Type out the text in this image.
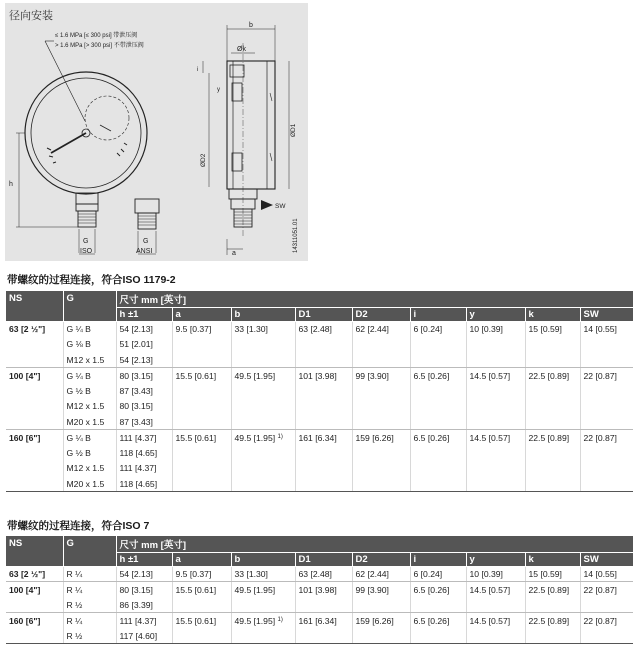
径向安装
≤ 1.6 MPa [≤ 300 psi] 带泄压阀
> 1.6 MPa [> 300 psi] 不带泄压阀
h
G
ISO
G
ANSI
b
Øk
i
y
ØD1
ØD2
a
SW
14311051.01
带螺纹的过程连接，符合ISO 1179-2
NS	G	尺寸 mm [英寸]								
		h ±1	a	b	D1	D2	i	y	k	SW
63 [2 ½"]	G ¼ B	54 [2.13]	9.5 [0.37]	33 [1.30]	63 [2.48]	62 [2.44]	6 [0.24]	10 [0.39]	15 [0.59]	14 [0.55]
	G ⅛ B	51 [2.01]								
	M12 x 1.5	54 [2.13]								
100 [4"]	G ¼ B	80 [3.15]	15.5 [0.61]	49.5 [1.95]	101 [3.98]	99 [3.90]	6.5 [0.26]	14.5 [0.57]	22.5 [0.89]	22 [0.87]
	G ½ B	87 [3.43]								
	M12 x 1.5	80 [3.15]								
	M20 x 1.5	87 [3.43]								
160 [6"]	G ¼ B	111 [4.37]	15.5 [0.61]	49.5 [1.95] $^{1)}$	161 [6.34]	159 [6.26]	6.5 [0.26]	14.5 [0.57]	22.5 [0.89]	22 [0.87]
	G ½ B	118 [4.65]								
	M12 x 1.5	111 [4.37]								
	M20 x 1.5	118 [4.65]								
带螺纹的过程连接，符合ISO 7
NS	G	尺寸 mm [英寸]								
		h ±1	a	b	D1	D2	i	y	k	SW
63 [2 ½"]	R ¼	54 [2.13]	9.5 [0.37]	33 [1.30]	63 [2.48]	62 [2.44]	6 [0.24]	10 [0.39]	15 [0.59]	14 [0.55]
100 [4"]	R ¼	80 [3.15]	15.5 [0.61]	49.5 [1.95]	101 [3.98]	99 [3.90]	6.5 [0.26]	14.5 [0.57]	22.5 [0.89]	22 [0.87]
	R ½	86 [3.39]								
160 [6"]	R ¼	111 [4.37]	15.5 [0.61]	49.5 [1.95] $^{1)}$	161 [6.34]	159 [6.26]	6.5 [0.26]	14.5 [0.57]	22.5 [0.89]	22 [0.87]
	R ½	117 [4.60]								
